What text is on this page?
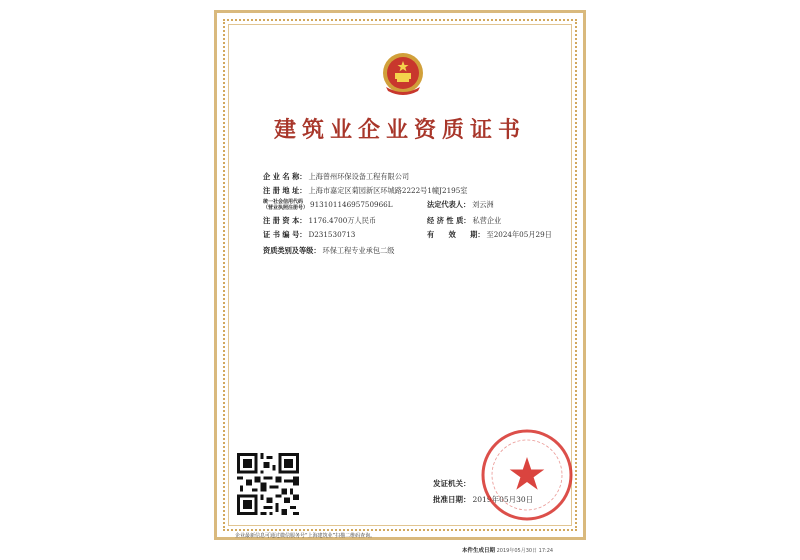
建筑业企业资质证书
企 业 名 称： 上海曾州环保设备工程有限公司
注 册 地 址： 上海市嘉定区菊园新区环城路2222号1幢J2195室
统一社会信用代码
（营业执照注册号） 91310114695750966L	法定代表人： 刘云洲
注 册 资 本： 1176.4700万人民币	经 济 性 质： 私营企业
证 书 编 号： D231530713	有　　效　　期： 至2024年05月29日
资质类别及等级： 环保工程专业承包二级
发证机关：
批准日期： 2019年05月30日
企业最新信息可通过微信服务号“上海建筑业”扫描二维码查询。
本件生成日期 2019年05月30日 17:24
